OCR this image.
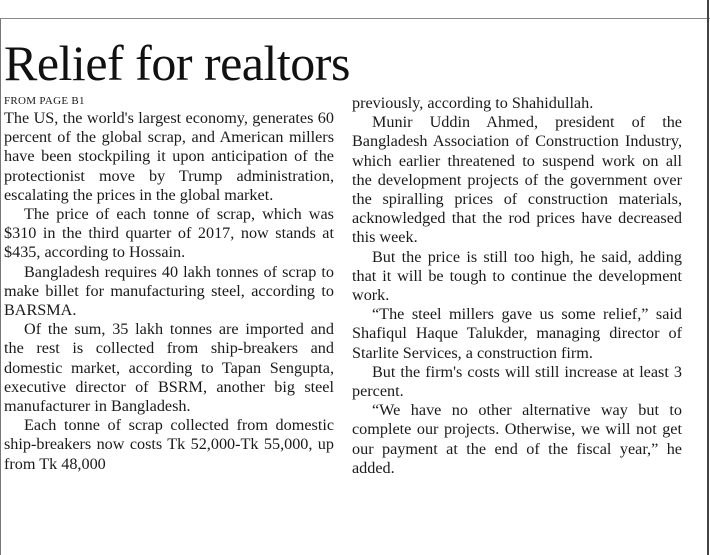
Relief for realtors
FROM PAGE B1

The US, the world's largest economy, generates 60 percent of the global scrap, and American millers have been stockpiling it upon anticipation of the protectionist move by Trump administration, escalating the prices in the global market.

The price of each tonne of scrap, which was $310 in the third quarter of 2017, now stands at $435, according to Hossain.

Bangladesh requires 40 lakh tonnes of scrap to make billet for manufacturing steel, according to BARSMA.

Of the sum, 35 lakh tonnes are imported and the rest is collected from ship-breakers and domestic market, according to Tapan Sengupta, executive director of BSRM, another big steel manufacturer in Bangladesh.

Each tonne of scrap collected from domestic ship-breakers now costs Tk 52,000-Tk 55,000, up from Tk 48,000

previously, according to Shahidullah.

Munir Uddin Ahmed, president of the Bangladesh Association of Construction Industry, which earlier threatened to suspend work on all the development projects of the government over the spiralling prices of construction materials, acknowledged that the rod prices have decreased this week.

But the price is still too high, he said, adding that it will be tough to continue the development work.

“The steel millers gave us some relief,” said Shafiqul Haque Talukder, managing director of Starlite Services, a construction firm.

But the firm's costs will still increase at least 3 percent.

“We have no other alternative way but to complete our projects. Otherwise, we will not get our payment at the end of the fiscal year,” he added.
